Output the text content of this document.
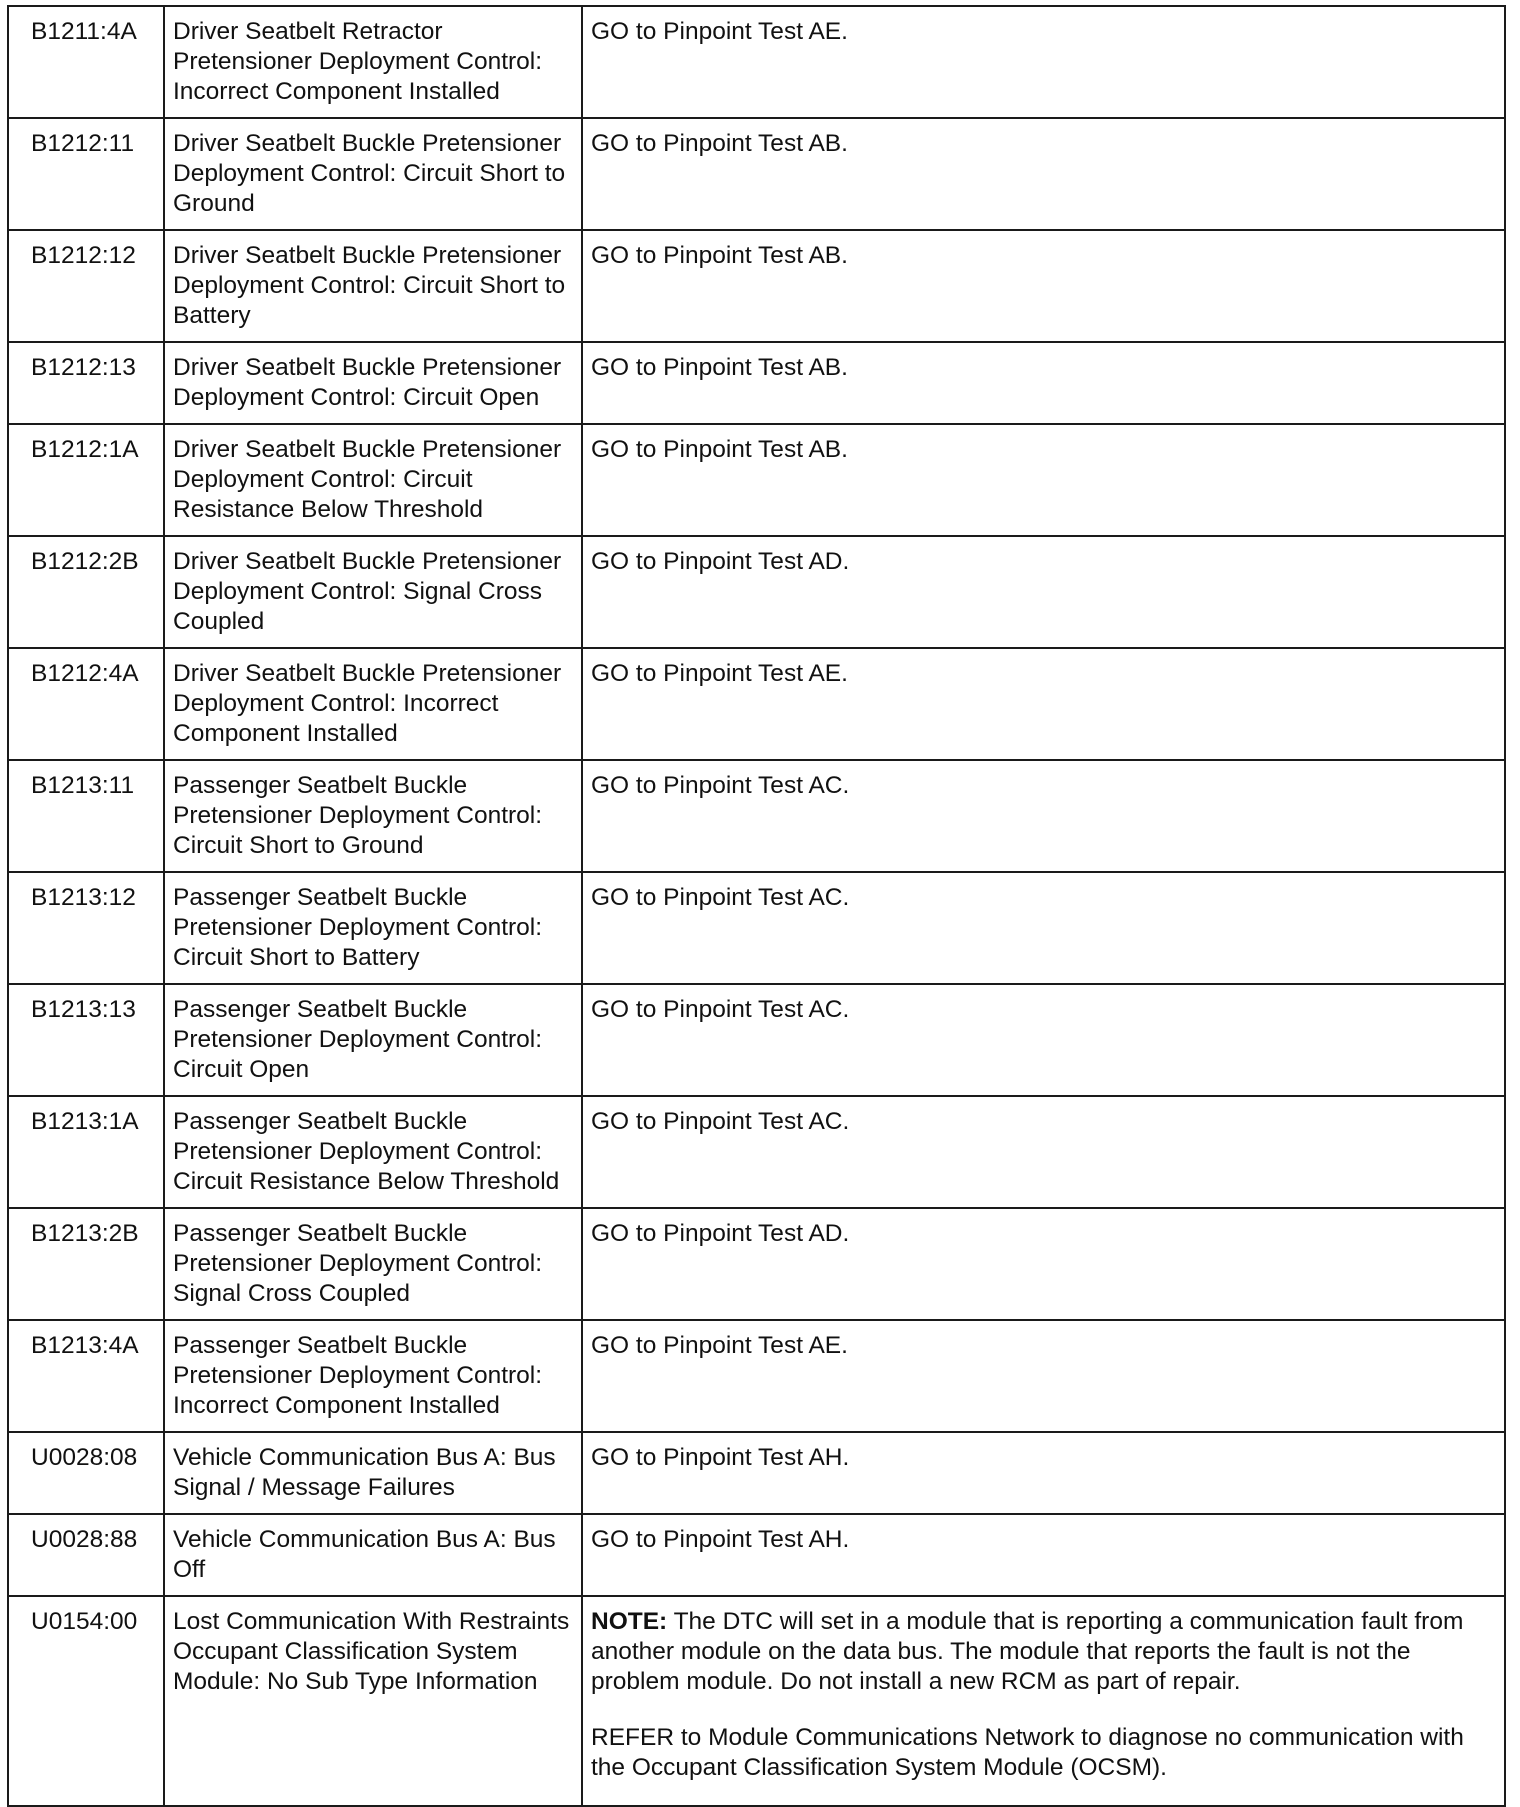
B1211:4A	Driver Seatbelt Retractor Pretensioner Deployment Control: Incorrect Component Installed	GO to Pinpoint Test AE.
B1212:11	Driver Seatbelt Buckle Pretensioner Deployment Control: Circuit Short to Ground	GO to Pinpoint Test AB.
B1212:12	Driver Seatbelt Buckle Pretensioner Deployment Control: Circuit Short to Battery	GO to Pinpoint Test AB.
B1212:13	Driver Seatbelt Buckle Pretensioner Deployment Control: Circuit Open	GO to Pinpoint Test AB.
B1212:1A	Driver Seatbelt Buckle Pretensioner Deployment Control: Circuit Resistance Below Threshold	GO to Pinpoint Test AB.
B1212:2B	Driver Seatbelt Buckle Pretensioner Deployment Control: Signal Cross Coupled	GO to Pinpoint Test AD.
B1212:4A	Driver Seatbelt Buckle Pretensioner Deployment Control: Incorrect Component Installed	GO to Pinpoint Test AE.
B1213:11	Passenger Seatbelt Buckle Pretensioner Deployment Control: Circuit Short to Ground	GO to Pinpoint Test AC.
B1213:12	Passenger Seatbelt Buckle Pretensioner Deployment Control: Circuit Short to Battery	GO to Pinpoint Test AC.
B1213:13	Passenger Seatbelt Buckle Pretensioner Deployment Control: Circuit Open	GO to Pinpoint Test AC.
B1213:1A	Passenger Seatbelt Buckle Pretensioner Deployment Control: Circuit Resistance Below Threshold	GO to Pinpoint Test AC.
B1213:2B	Passenger Seatbelt Buckle Pretensioner Deployment Control: Signal Cross Coupled	GO to Pinpoint Test AD.
B1213:4A	Passenger Seatbelt Buckle Pretensioner Deployment Control: Incorrect Component Installed	GO to Pinpoint Test AE.
U0028:08	Vehicle Communication Bus A: Bus Signal / Message Failures	GO to Pinpoint Test AH.
U0028:88	Vehicle Communication Bus A: Bus Off	GO to Pinpoint Test AH.
U0154:00	Lost Communication With Restraints Occupant Classification System Module: No Sub Type Information	NOTE: The DTC will set in a module that is reporting a communication fault from another module on the data bus. The module that reports the fault is not the problem module. Do not install a new RCM as part of repair.
REFER to Module Communications Network to diagnose no communication with the Occupant Classification System Module (OCSM).
